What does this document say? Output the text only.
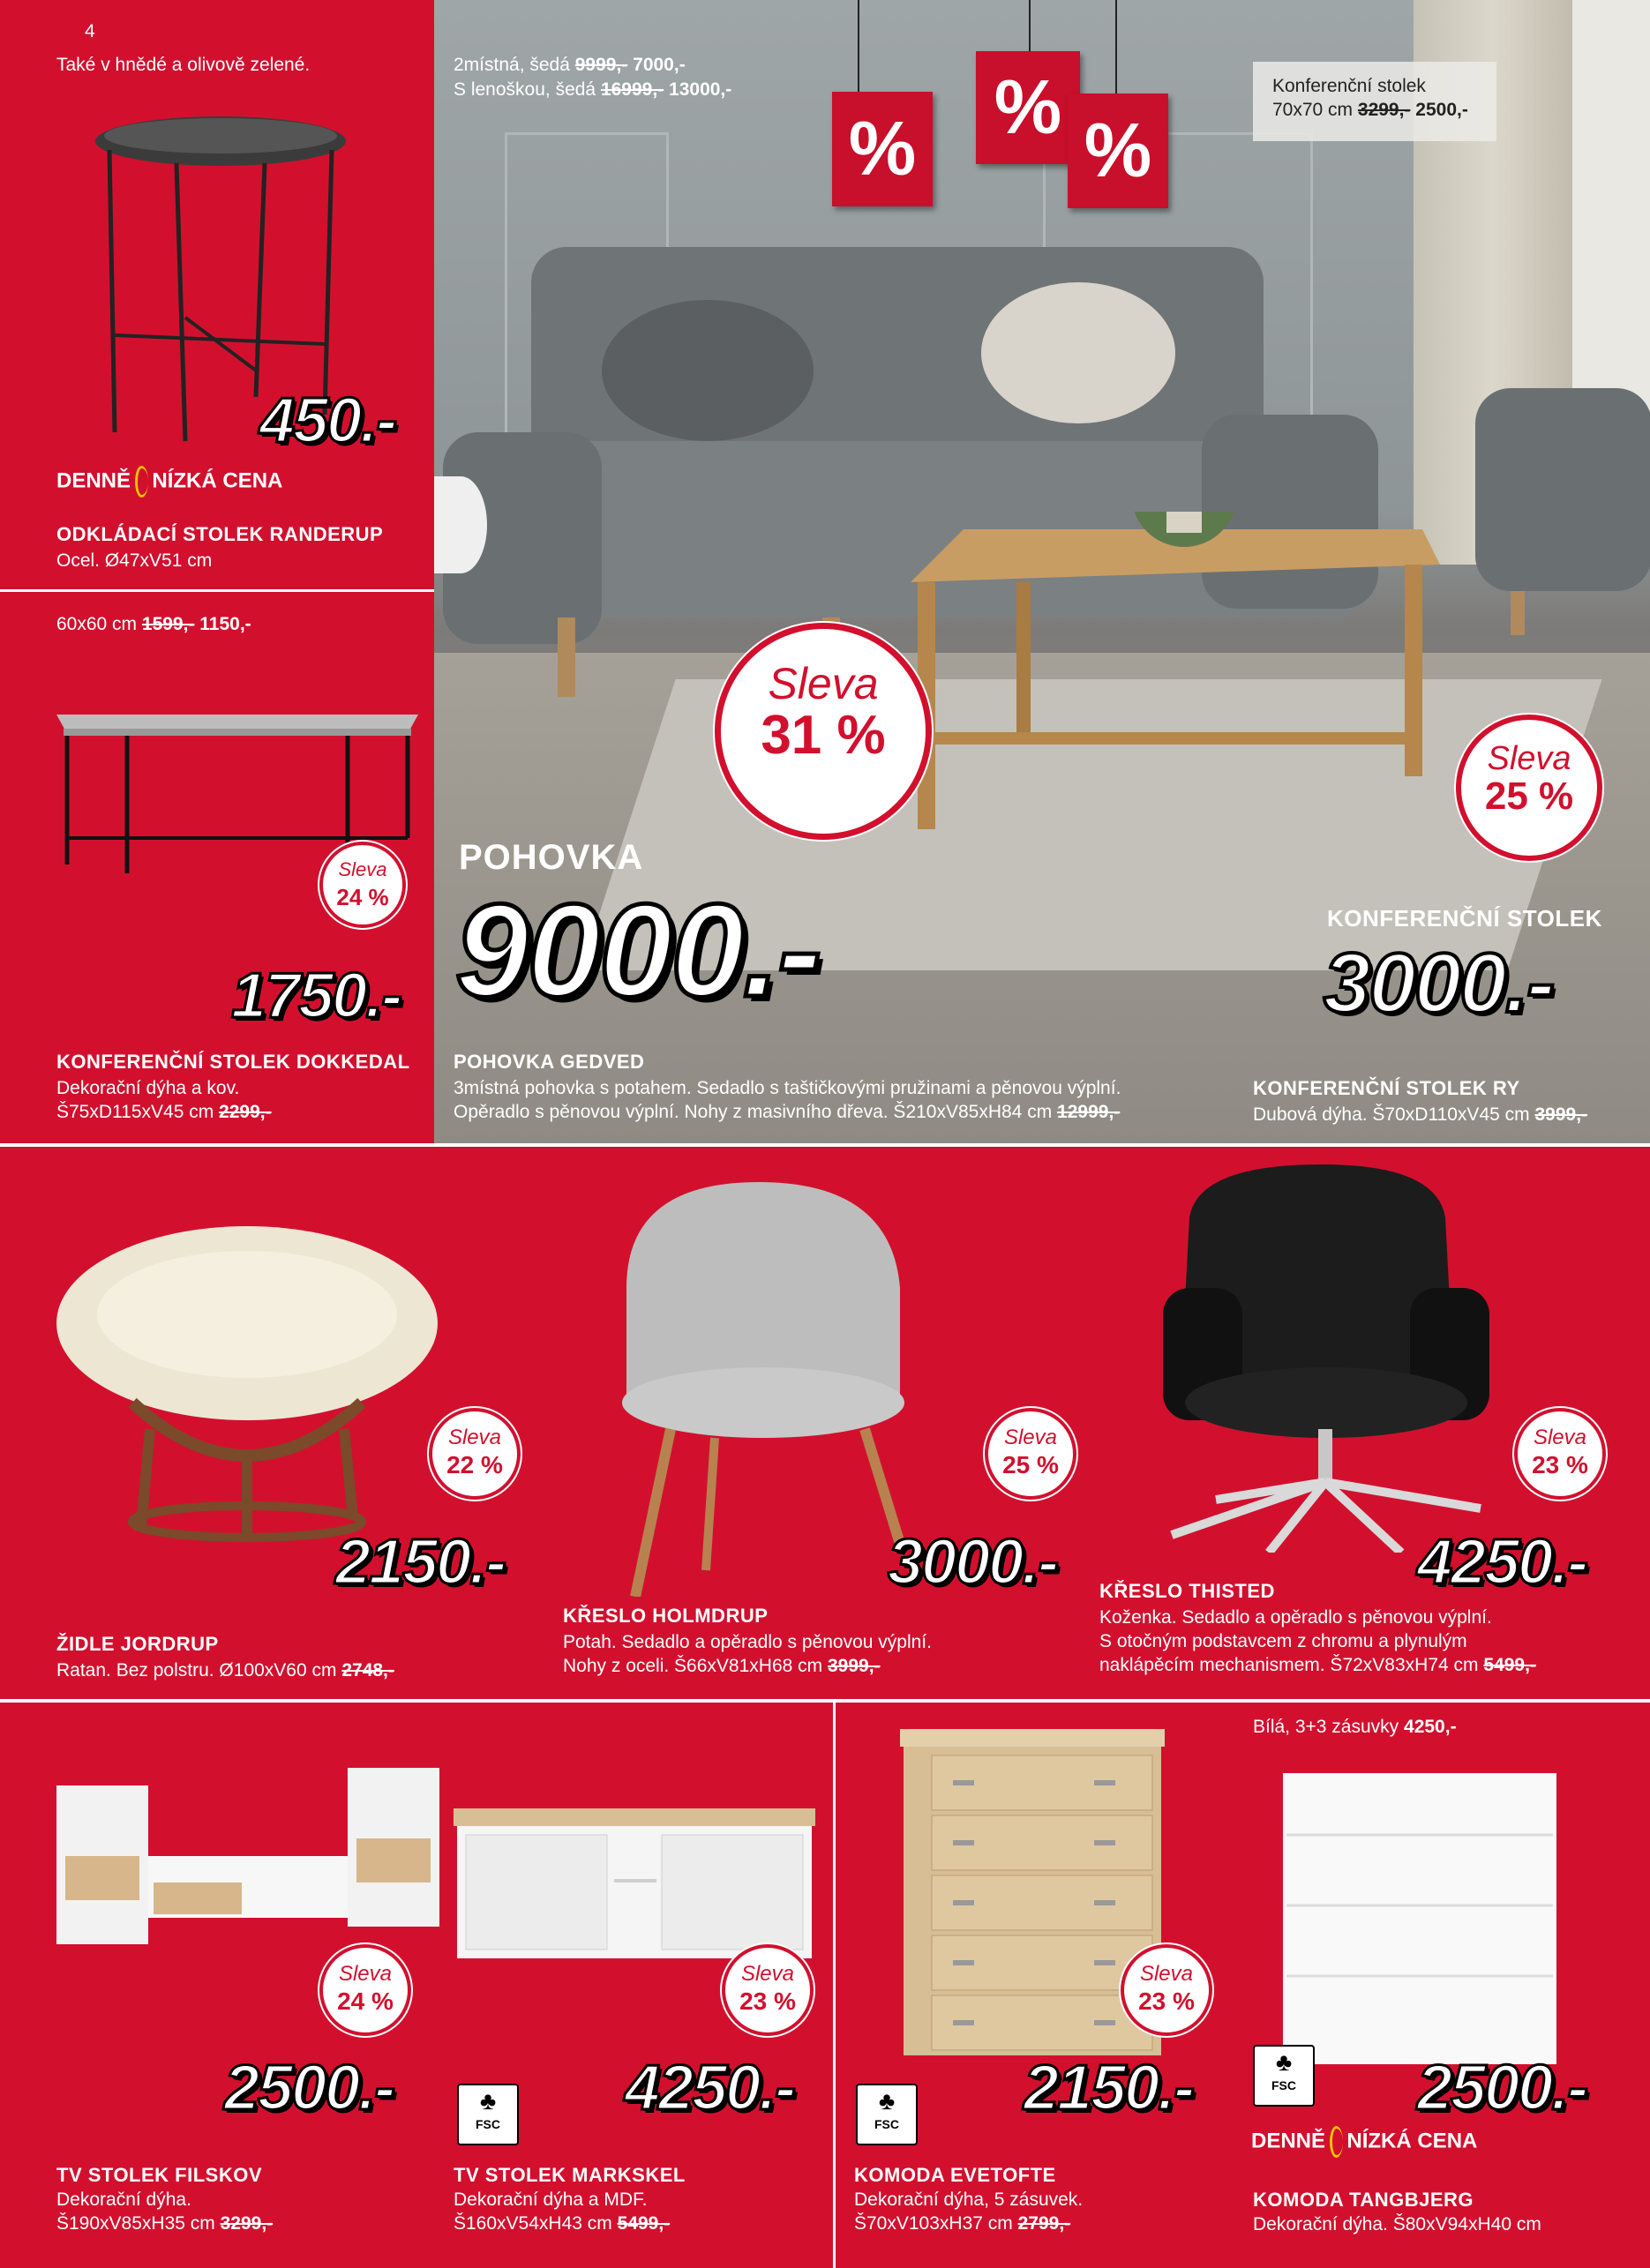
4
Také v hnědé a olivově zelené.
450.-
DENNĚ NÍZKÁ CENA
ODKLÁDACÍ STOLEK RANDERUP
Ocel. Ø47xV51 cm
60x60 cm 1599,- 1150,-
Sleva
24 %
1750.-
KONFERENČNÍ STOLEK DOKKEDAL
Dekorační dýha a kov.
Š75xD115xV45 cm 2299,-
2místná, šedá 9999,- 7000,-
S lenoškou, šedá 16999,- 13000,-
% %
%
Konferenční stolek
70x70 cm 3299,- 2500,-
Sleva
31 %	Sleva
25 %
POHOVKA
9000.-	KONFERENČNÍ STOLEK
3000.-
POHOVKA GEDVED
3místná pohovka s potahem. Sedadlo s taštičkovými pružinami a pěnovou výplní.
Opěradlo s pěnovou výplní. Nohy z masivního dřeva. Š210xV85xH84 cm 12999,-
KONFERENČNÍ STOLEK RY
Dubová dýha. Š70xD110xV45 cm 3999,-
Sleva
22 %
2150.-
ŽIDLE JORDRUP
Ratan. Bez polstru. Ø100xV60 cm 2748,-
Sleva
25 %
3000.-
KŘESLO HOLMDRUP
Potah. Sedadlo a opěradlo s pěnovou výplní.
Nohy z oceli. Š66xV81xH68 cm 3999,-
Sleva
23 %
4250.-
KŘESLO THISTED
Koženka. Sedadlo a opěradlo s pěnovou výplní.
S otočným podstavcem z chromu a plynulým
naklápěcím mechanismem. Š72xV83xH74 cm 5499,-
Sleva
24 %
2500.-
TV STOLEK FILSKOV
Dekorační dýha.
Š190xV85xH35 cm 3299,-
Sleva
23 %
4250.-
♣
FSC
TV STOLEK MARKSKEL
Dekorační dýha a MDF.
Š160xV54xH43 cm 5499,-
Sleva
23 %
2150.-
♣
FSC
KOMODA EVETOFTE
Dekorační dýha, 5 zásuvek.
Š70xV103xH37 cm 2799,-
Bílá, 3+3 zásuvky 4250,-
2500.-
♣
FSC
DENNĚ NÍZKÁ CENA
KOMODA TANGBJERG
Dekorační dýha. Š80xV94xH40 cm
